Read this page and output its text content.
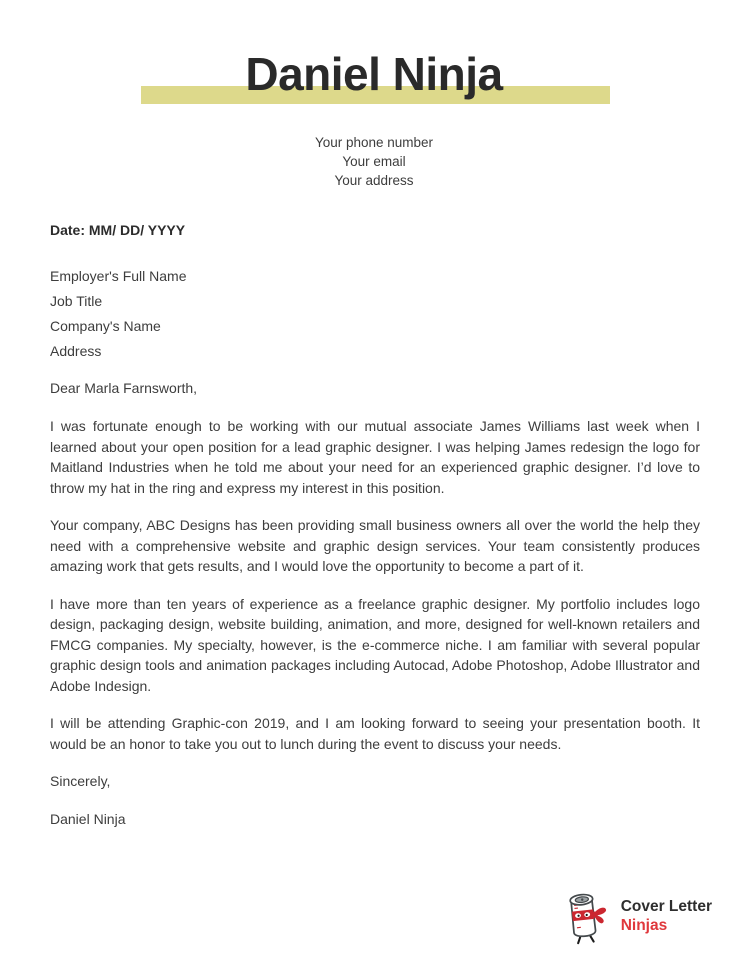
Daniel Ninja
Your phone number
Your email
Your address
Date: MM/ DD/ YYYY
Employer's Full Name
Job Title
Company's Name
Address

Dear Marla Farnsworth,

I was fortunate enough to be working with our mutual associate James Williams last week when I learned about your open position for a lead graphic designer. I was helping James redesign the logo for Maitland Industries when he told me about your need for an experienced graphic designer. I’d love to throw my hat in the ring and express my interest in this position.

Your company, ABC Designs has been providing small business owners all over the world the help they need with a comprehensive website and graphic design services. Your team consistently produces amazing work that gets results, and I would love the opportunity to become a part of it.

I have more than ten years of experience as a freelance graphic designer. My portfolio includes logo design, packaging design, website building, animation, and more, designed for well-known retailers and FMCG companies. My specialty, however, is the e-commerce niche. I am familiar with several popular graphic design tools and animation packages including Autocad, Adobe Photoshop, Adobe Illustrator and Adobe Indesign.

I will be attending Graphic-con 2019, and I am looking forward to seeing your presentation booth. It would be an honor to take you out to lunch during the event to discuss your needs.

Sincerely,

Daniel Ninja

Cover Letter
Ninjas
